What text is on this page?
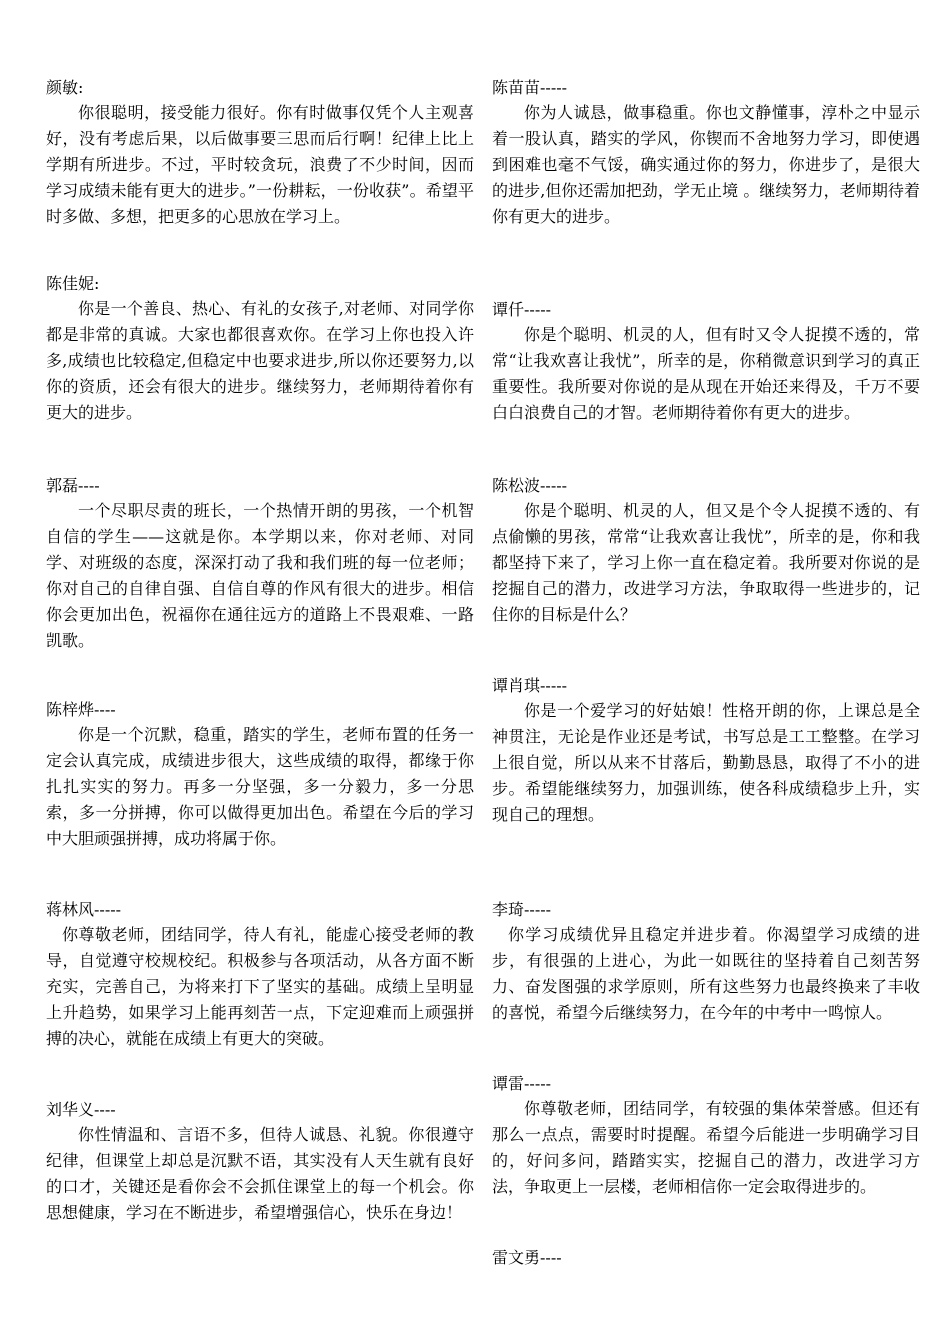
颜敏:

你很聪明，接受能力很好。你有时做事仅凭个人主观喜好，没有考虑后果，以后做事要三思而后行啊！纪律上比上学期有所进步。不过，平时较贪玩，浪费了不少时间，因而学习成绩未能有更大的进步。”一份耕耘，一份收获”。希望平时多做、多想，把更多的心思放在学习上。

陈佳妮:

你是一个善良、热心、有礼的女孩子,对老师、对同学你都是非常的真诚。大家也都很喜欢你。在学习上你也投入许多,成绩也比较稳定,但稳定中也要求进步,所以你还要努力,以你的资质，还会有很大的进步。继续努力，老师期待着你有更大的进步。

郭磊----

一个尽职尽责的班长，一个热情开朗的男孩，一个机智自信的学生——这就是你。本学期以来，你对老师、对同学、对班级的态度，深深打动了我和我们班的每一位老师；你对自己的自律自强、自信自尊的作风有很大的进步。相信你会更加出色，祝福你在通往远方的道路上不畏艰难、一路凯歌。

陈梓烨----

你是一个沉默，稳重，踏实的学生，老师布置的任务一定会认真完成，成绩进步很大，这些成绩的取得，都缘于你扎扎实实的努力。再多一分坚强，多一分毅力，多一分思索，多一分拼搏，你可以做得更加出色。希望在今后的学习中大胆顽强拼搏，成功将属于你。

蒋林风-----

你尊敬老师，团结同学，待人有礼，能虚心接受老师的教导，自觉遵守校规校纪。积极参与各项活动，从各方面不断充实，完善自己，为将来打下了坚实的基础。成绩上呈明显上升趋势，如果学习上能再刻苦一点，下定迎难而上顽强拼搏的决心，就能在成绩上有更大的突破。

刘华义----

你性情温和、言语不多，但待人诚恳、礼貌。你很遵守纪律，但课堂上却总是沉默不语，其实没有人天生就有良好的口才，关键还是看你会不会抓住课堂上的每一个机会。你思想健康，学习在不断进步，希望增强信心，快乐在身边！

陈苗苗-----

你为人诚恳，做事稳重。你也文静懂事，淳朴之中显示着一股认真，踏实的学风，你锲而不舍地努力学习，即使遇到困难也毫不气馁，确实通过你的努力，你进步了，是很大的进步,但你还需加把劲，学无止境 。继续努力，老师期待着你有更大的进步。

谭仟-----

你是个聪明、机灵的人，但有时又令人捉摸不透的，常常“让我欢喜让我忧”，所幸的是，你稍微意识到学习的真正重要性。我所要对你说的是从现在开始还来得及，千万不要白白浪费自己的才智。老师期待着你有更大的进步。

陈松波-----

你是个聪明、机灵的人，但又是个令人捉摸不透的、有点偷懒的男孩，常常“让我欢喜让我忧”，所幸的是，你和我都坚持下来了，学习上你一直在稳定着。我所要对你说的是挖掘自己的潜力，改进学习方法，争取取得一些进步的，记住你的目标是什么？

谭肖琪-----

你是一个爱学习的好姑娘！性格开朗的你，上课总是全神贯注，无论是作业还是考试，书写总是工工整整。在学习上很自觉，所以从来不甘落后，勤勤恳恳，取得了不小的进步。希望能继续努力，加强训练，使各科成绩稳步上升，实现自己的理想。

李琦-----

你学习成绩优异且稳定并进步着。你渴望学习成绩的进步，有很强的上进心，为此一如既往的坚持着自己刻苦努力、奋发图强的求学原则，所有这些努力也最终换来了丰收的喜悦，希望今后继续努力，在今年的中考中一鸣惊人。

谭雷-----

你尊敬老师，团结同学，有较强的集体荣誉感。但还有那么一点点，需要时时提醒。希望今后能进一步明确学习目的，好问多问，踏踏实实，挖掘自己的潜力，改进学习方法，争取更上一层楼，老师相信你一定会取得进步的。

雷文勇----
